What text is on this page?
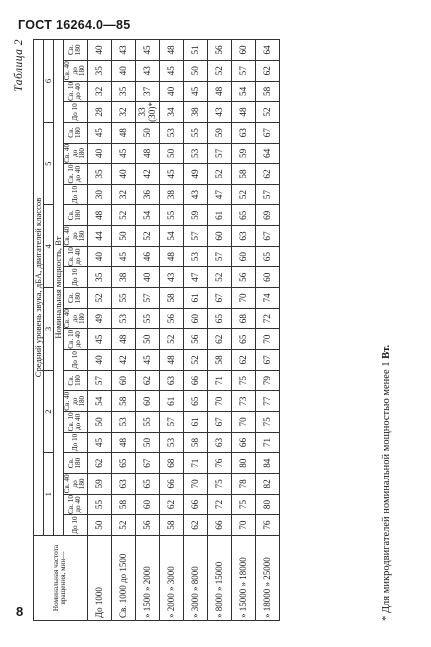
ГОСТ 16264.0—85
Таблица 2
Номинальная частота вращения, мин—	Средний уровень звука, дБА, двигателей классов																							
	1				2				3				4				5				6			
	Номинальная мощность, Вт																							
	До 10	Св. 10 до 40	Св. 40 до 180	Св. 180	До 10	Св. 10 до 40	Св. 40 до 180	Св. 180	До 10	Св. 10 до 40	Св. 40 до 180	Св. 180	До 10	Св. 10 до 40	Св. 40 до 180	Св. 180	До 10	Св. 10 до 40	Св. 40 до 180	Св. 180	До 10	Св. 10 до 40	Св. 40 до 180	Св. 180
До 1000	50	55	59	62	45	50	54	57	40	45	49	52	35	40	44	48	30	35	40	45	28	32	35	40
Св. 1000 до 1500	52	58	63	65	48	53	58	60	42	48	53	55	38	45	50	52	32	40	45	48	32	35	40	43
» 1500 » 2000	56	60	65	67	50	55	60	62	45	50	55	57	40	46	52	54	36	42	48	50	33 (30)*	37	43	45
» 2000 » 3000	58	62	66	68	53	57	61	63	48	52	56	58	43	48	54	55	38	45	50	53	34	40	45	48
» 3000 » 8000	62	66	70	71	58	61	65	66	52	56	60	61	47	53	57	59	43	49	53	55	38	45	50	51
» 8000 » 15000	66	72	75	76	63	67	70	71	58	62	65	67	52	57	60	61	47	52	57	59	43	48	52	56
» 15000 » 18000	70	75	78	80	66	70	73	75	62	65	68	70	56	60	63	65	52	58	59	63	48	54	57	60
» 18000 » 25000	76	80	82	84	71	75	77	79	67	70	72	74	60	65	67	69	57	62	64	67	52	58	62	64
* Для микродвигателей номинальной мощностью менее 1 Вт.
8
